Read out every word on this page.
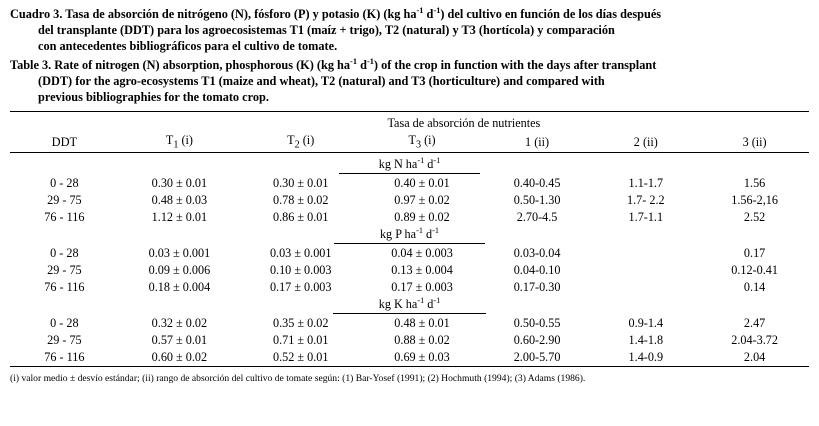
Cuadro 3. Tasa de absorción de nitrógeno (N), fósforo (P) y potasio (K) (kg $ha^{-1}$ $d^{-1}$) del cultivo en función de los días después

del transplante (DDT) para los agroecosistemas T1 (maíz + trigo), T2 (natural) y T3 (hortícola) y comparación

con antecedentes bibliográficos para el cultivo de tomate.

Table 3. Rate of nitrogen (N) absorption, phosphorous (K) (kg $ha^{-1}$ $d^{-1}$) of the crop in function with the days after transplant

(DDT) for the agro-ecosystems T1 (maize and wheat), T2 (natural) and T3 (horticulture) and compared with

previous bibliographies for the tomato crop.

	Tasa de absorción de nutrientes					
DDT	$T_1$ (i)	$T_2$ (i)	$T_3$ (i)	1 (ii)	2 (ii)	3 (ii)

kg N $ha^{-1}$ $d^{-1}$
0 - 28	0.30 ± 0.01	0.30 ± 0.01	0.40 ± 0.01	0.40-0.45	1.1-1.7	1.56
29 - 75	0.48 ± 0.03	0.78 ± 0.02	0.97 ± 0.02	0.50-1.30	1.7- 2.2	1.56-2,16
76 - 116	1.12 ± 0.01	0.86 ± 0.01	0.89 ± 0.02	2.70-4.5	1.7-1.1	2.52
kg P $ha^{-1}$ $d^{-1}$
0 - 28	0.03 ± 0.001	0.03 ± 0.001	0.04 ± 0.003	0.03-0.04		0.17
29 - 75	0.09 ± 0.006	0.10 ± 0.003	0.13 ± 0.004	0.04-0.10		0.12-0.41
76 - 116	0.18 ± 0.004	0.17 ± 0.003	0.17 ± 0.003	0.17-0.30		0.14
kg K $ha^{-1}$ $d^{-1}$
0 - 28	0.32 ± 0.02	0.35 ± 0.02	0.48 ± 0.01	0.50-0.55	0.9-1.4	2.47
29 - 75	0.57 ± 0.01	0.71 ± 0.01	0.88 ± 0.02	0.60-2.90	1.4-1.8	2.04-3.72
76 - 116	0.60 ± 0.02	0.52 ± 0.01	0.69 ± 0.03	2.00-5.70	1.4-0.9	2.04

(i) valor medio ± desvío estándar; (ii) rango de absorción del cultivo de tomate según: (1) Bar-Yosef (1991); (2) Hochmuth (1994); (3) Adams (1986).
